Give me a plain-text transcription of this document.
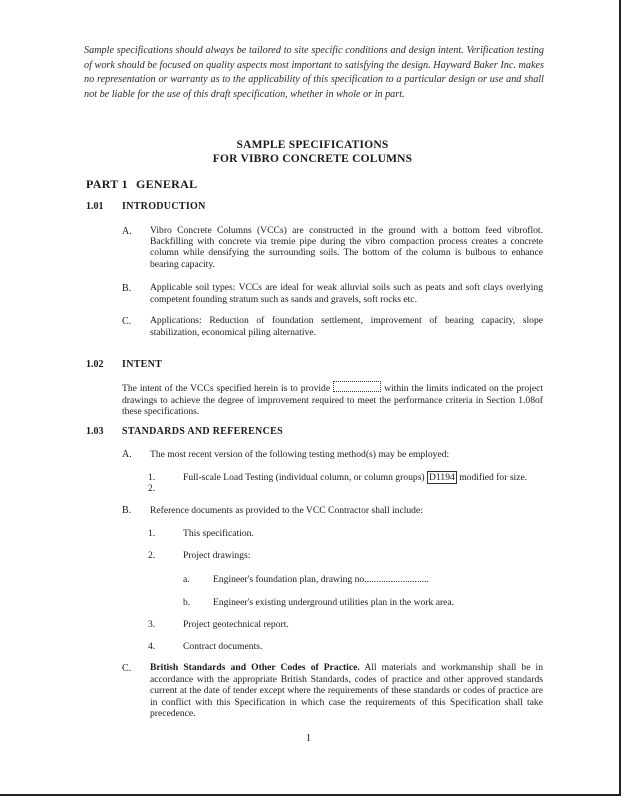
Sample specifications should always be tailored to site specific conditions and design intent. Verification testing of work should be focused on quality aspects most important to satisfying the design. Hayward Baker Inc. makes no representation or warranty as to the applicability of this specification to a particular design or use and shall not be liable for the use of this draft specification, whether in whole or in part.

SAMPLE SPECIFICATIONS
FOR VIBRO CONCRETE COLUMNS
PART 1 GENERAL
1.01 INTRODUCTION
A. Vibro Concrete Columns (VCCs) are constructed in the ground with a bottom feed vibroflot. Backfilling with concrete via tremie pipe during the vibro compaction process creates a concrete column while densifying the surrounding soils. The bottom of the column is bulbous to enhance bearing capacity.

B. Applicable soil types: VCCs are ideal for weak alluvial soils such as peats and soft clays overlying competent founding stratum such as sands and gravels, soft rocks etc.

C. Applications: Reduction of foundation settlement, improvement of bearing capacity, slope stabilization, economical piling alternative.

1.02 INTENT

The intent of the VCCs specified herein is to provide	within the limits indicated on the project drawings to achieve the degree of improvement required to meet the performance criteria in Section 1.08of these specifications.

1.03 STANDARDS AND REFERENCES
A. The most recent version of the following testing method(s) may be employed:
1.	Full-scale Load Testing (individual column, or column groups) D1194 modified for size.
2.
B. Reference documents as provided to the VCC Contractor shall include:
1.	This specification.
2.	Project drawings:
a. Engineer's foundation plan, drawing no...........................
b. Engineer's existing underground utilities plan in the work area.
3.	Project geotechnical report.
4.	Contract documents.
C. British Standards and Other Codes of Practice. All materials and workmanship shall be in accordance with the appropriate British Standards, codes of practice and other approved standards current at the date of tender except where the requirements of these standards or codes of practice are in conflict with this Specification in which case the requirements of this Specification shall take precedence.

1
